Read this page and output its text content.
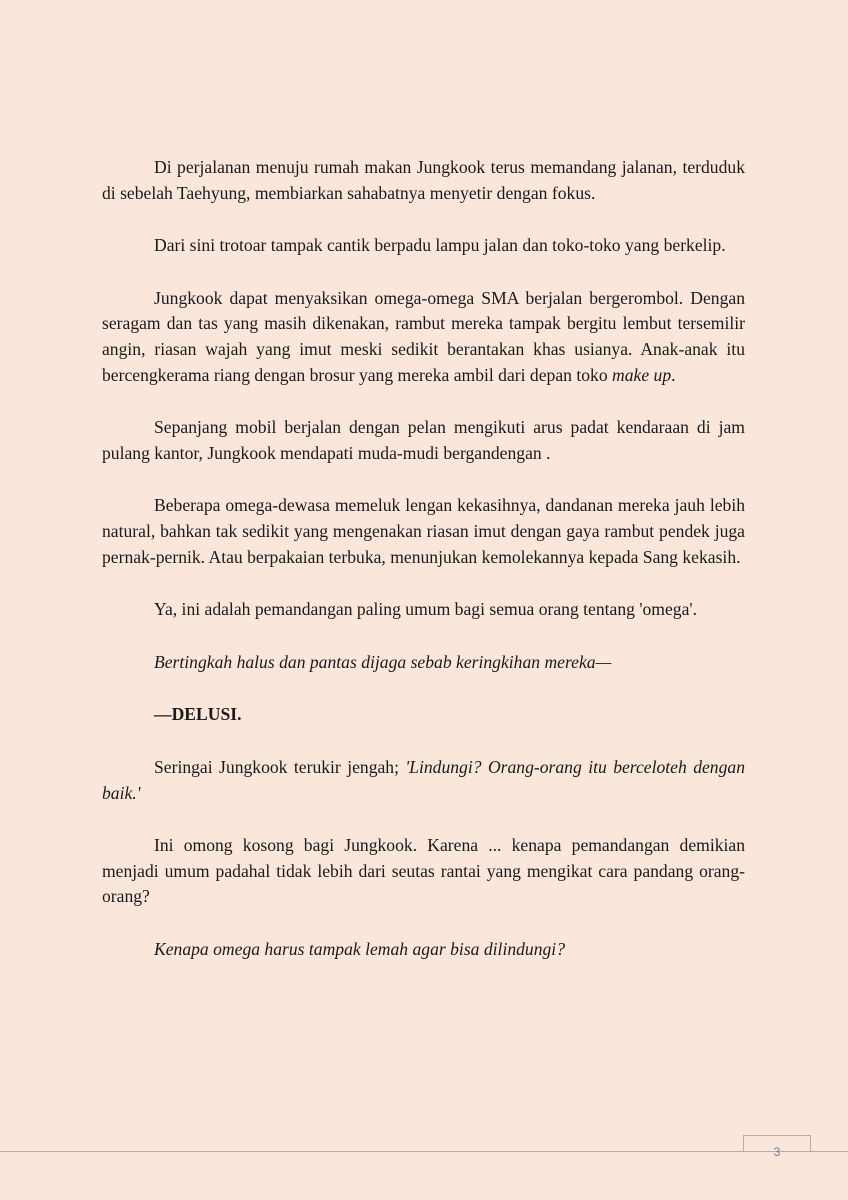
Di perjalanan menuju rumah makan Jungkook terus memandang jalanan, terduduk di sebelah Taehyung, membiarkan sahabatnya menyetir dengan fokus.

Dari sini trotoar tampak cantik berpadu lampu jalan dan toko-toko yang berkelip.

Jungkook dapat menyaksikan omega-omega SMA berjalan bergerombol. Dengan seragam dan tas yang masih dikenakan, rambut mereka tampak bergitu lembut tersemilir angin, riasan wajah yang imut meski sedikit berantakan khas usianya. Anak-anak itu bercengkerama riang dengan brosur yang mereka ambil dari depan toko make up.

Sepanjang mobil berjalan dengan pelan mengikuti arus padat kendaraan di jam pulang kantor, Jungkook mendapati muda-mudi bergandengan .

Beberapa omega-dewasa memeluk lengan kekasihnya, dandanan mereka jauh lebih natural, bahkan tak sedikit yang mengenakan riasan imut dengan gaya rambut pendek juga pernak-pernik. Atau berpakaian terbuka, menunjukan kemolekannya kepada Sang kekasih.

Ya, ini adalah pemandangan paling umum bagi semua orang tentang 'omega'.

Bertingkah halus dan pantas dijaga sebab keringkihan mereka—

—DELUSI.

Seringai Jungkook terukir jengah; 'Lindungi? Orang-orang itu berceloteh dengan baik.'

Ini omong kosong bagi Jungkook. Karena ... kenapa pemandangan demikian menjadi umum padahal tidak lebih dari seutas rantai yang mengikat cara pandang orang-orang?

Kenapa omega harus tampak lemah agar bisa dilindungi?

3
